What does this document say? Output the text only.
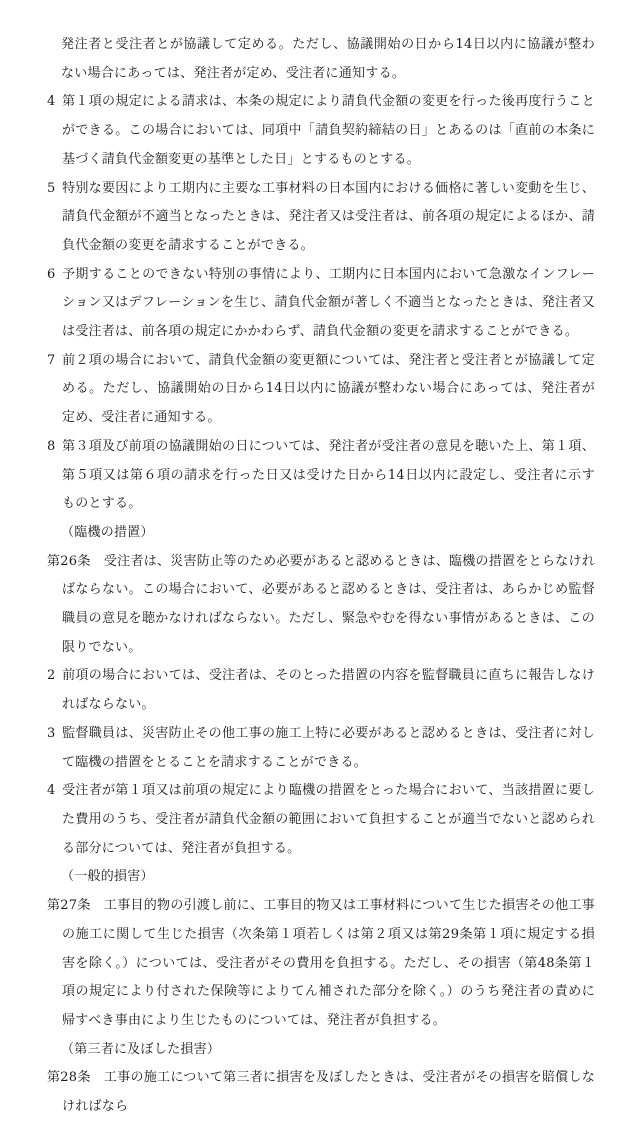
発注者と受注者とが協議して定める。ただし、協議開始の日から14日以内に協議が整わない場合にあっては、発注者が定め、受注者に通知する。

4 第１項の規定による請求は、本条の規定により請負代金額の変更を行った後再度行うことができる。この場合においては、同項中「請負契約締結の日」とあるのは「直前の本条に基づく請負代金額変更の基準とした日」とするものとする。

5 特別な要因により工期内に主要な工事材料の日本国内における価格に著しい変動を生じ、請負代金額が不適当となったときは、発注者又は受注者は、前各項の規定によるほか、請負代金額の変更を請求することができる。

6 予期することのできない特別の事情により、工期内に日本国内において急激なインフレーション又はデフレーションを生じ、請負代金額が著しく不適当となったときは、発注者又は受注者は、前各項の規定にかかわらず、請負代金額の変更を請求することができる。

7 前２項の場合において、請負代金額の変更額については、発注者と受注者とが協議して定める。ただし、協議開始の日から14日以内に協議が整わない場合にあっては、発注者が定め、受注者に通知する。

8 第３項及び前項の協議開始の日については、発注者が受注者の意見を聴いた上、第１項、第５項又は第６項の請求を行った日又は受けた日から14日以内に設定し、受注者に示すものとする。

（臨機の措置）

第26条　受注者は、災害防止等のため必要があると認めるときは、臨機の措置をとらなければならない。この場合において、必要があると認めるときは、受注者は、あらかじめ監督職員の意見を聴かなければならない。ただし、緊急やむを得ない事情があるときは、この限りでない。

2 前項の場合においては、受注者は、そのとった措置の内容を監督職員に直ちに報告しなければならない。

3 監督職員は、災害防止その他工事の施工上特に必要があると認めるときは、受注者に対して臨機の措置をとることを請求することができる。

4 受注者が第１項又は前項の規定により臨機の措置をとった場合において、当該措置に要した費用のうち、受注者が請負代金額の範囲において負担することが適当でないと認められる部分については、発注者が負担する。

（一般的損害）

第27条　工事目的物の引渡し前に、工事目的物又は工事材料について生じた損害その他工事の施工に関して生じた損害（次条第１項若しくは第２項又は第29条第１項に規定する損害を除く。）については、受注者がその費用を負担する。ただし、その損害（第48条第１項の規定により付された保険等によりてん補された部分を除く。）のうち発注者の責めに帰すべき事由により生じたものについては、発注者が負担する。

（第三者に及ぼした損害）

第28条　工事の施工について第三者に損害を及ぼしたときは、受注者がその損害を賠償しなければなら
